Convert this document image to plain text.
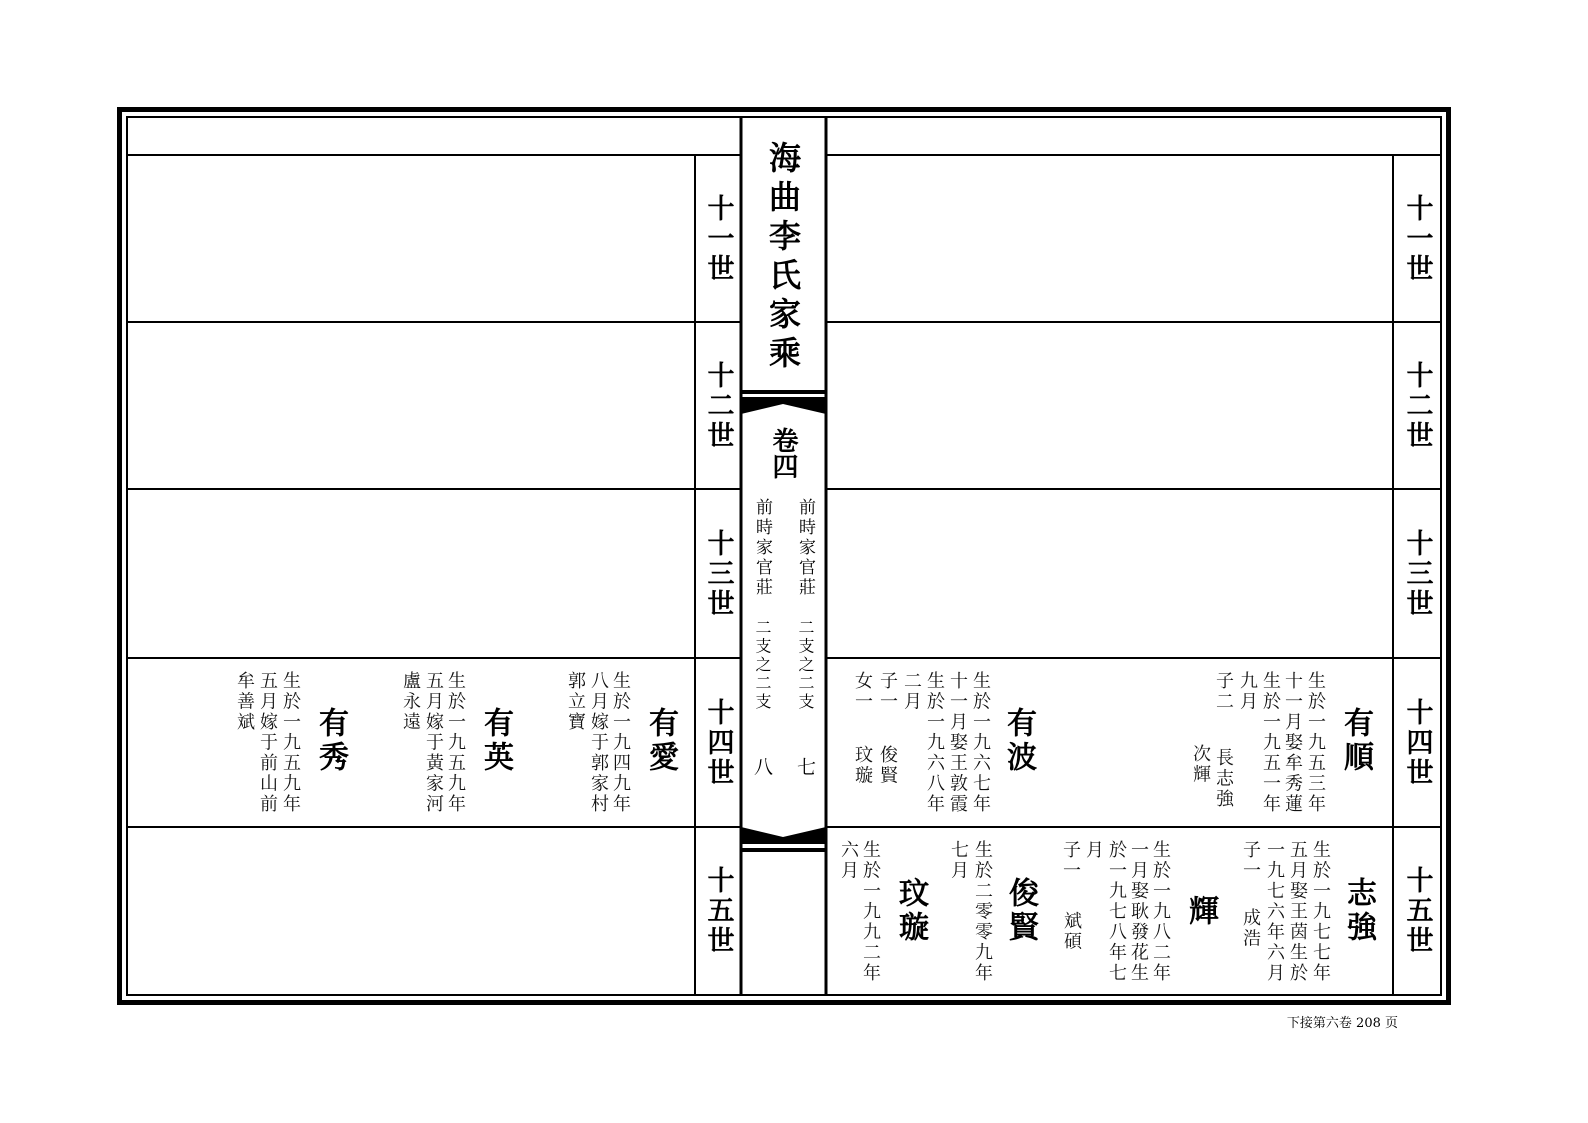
海曲李氏家乘
卷四
前時家官莊
二支之二支
七
前時家官莊
二支之二支
八
十一世
十二世
十三世
十四世
十五世
十一世
十二世
十三世
十四世
十五世
有順
生於一九五三年
十一月娶牟秀蓮
生於一九五一年
九月
子二
長志強
次輝
有波
生於一九六七年
十一月娶王敦霞
生於一九六八年
二月
子一
女一
俊賢
玟璇
志強
生於一九七七年
五月娶王茵生於
一九七六年六月
子一
成浩
輝
生於一九八二年
一月娶耿發花生
於一九七八年七
月
子一
斌碩
俊賢
生於二零零九年
七月
玟璇
生於一九九二年
六月
有愛
生於一九四九年
八月嫁于郭家村
郭立寶
有英
生於一九五九年
五月嫁于黃家河
盧永遠
有秀
生於一九五九年
五月嫁于前山前
牟善斌
下接第六卷 208 页
